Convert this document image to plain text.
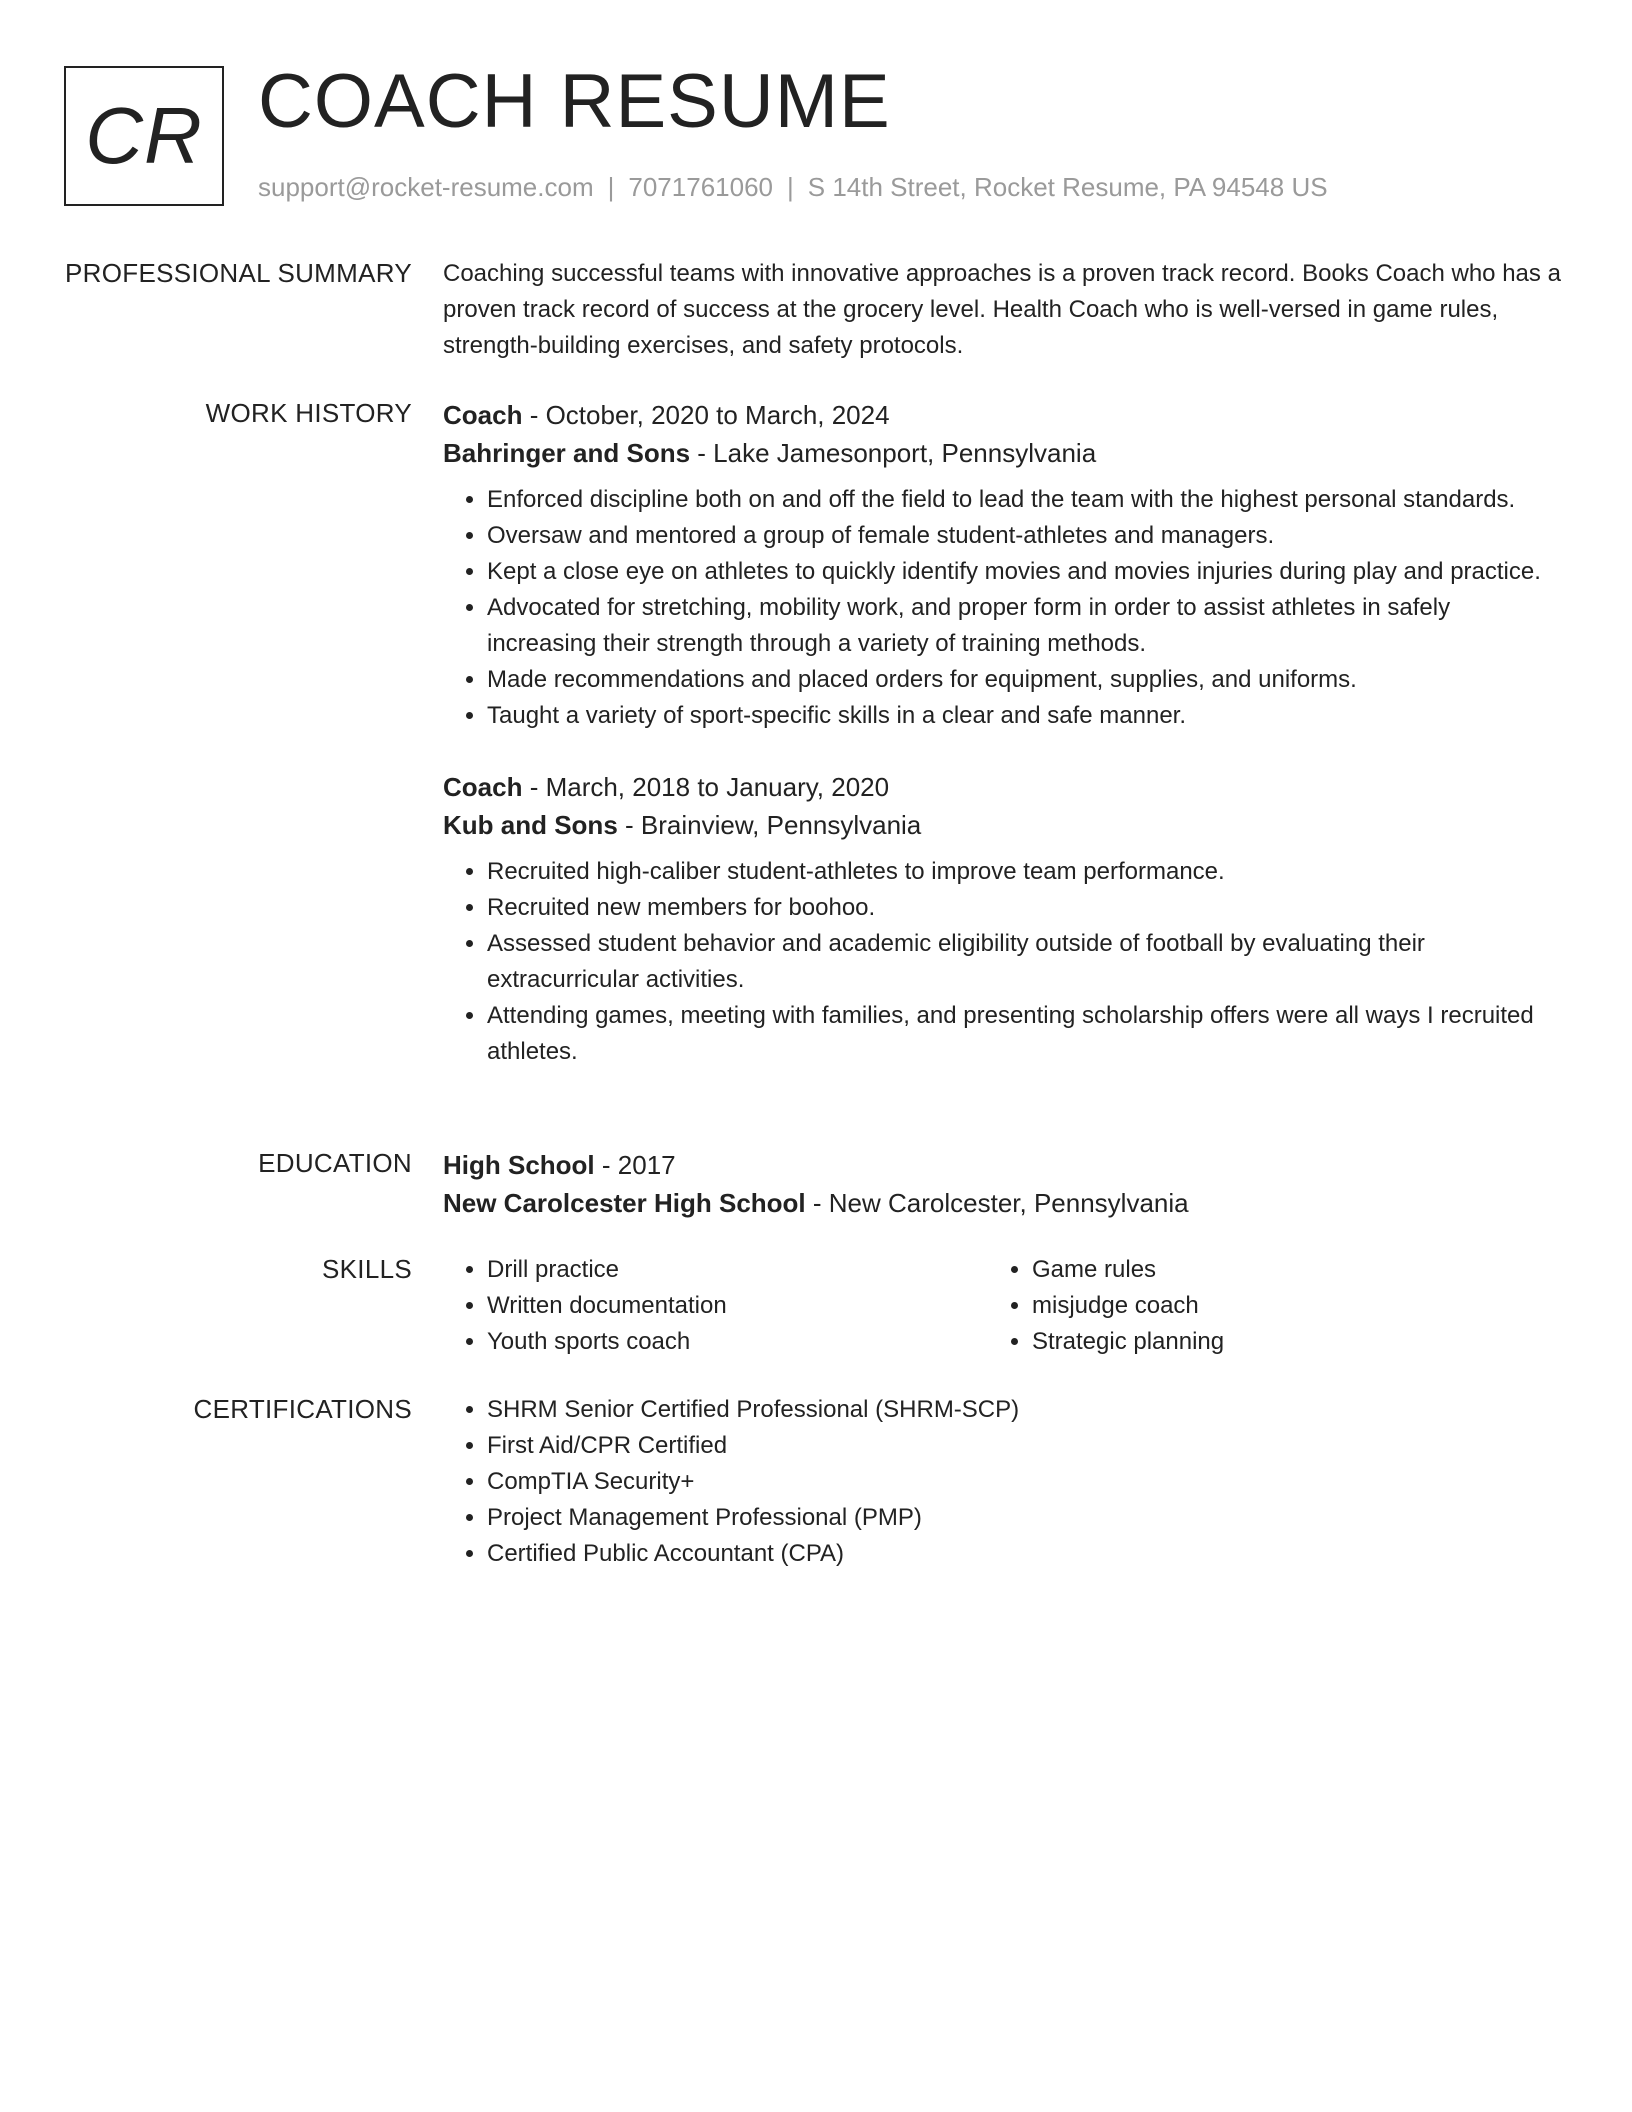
CR COACH RESUME
support@rocket-resume.com | 7071761060 | S 14th Street, Rocket Resume, PA 94548 US
PROFESSIONAL SUMMARY Coaching successful teams with innovative approaches is a proven track record. Books Coach who has a proven track record of success at the grocery level. Health Coach who is well-versed in game rules, strength-building exercises, and safety protocols.

WORK HISTORY Coach - October, 2020 to March, 2024
Bahringer and Sons - Lake Jamesonport, Pennsylvania
• Enforced discipline both on and off the field to lead the team with the highest personal standards.
• Oversaw and mentored a group of female student-athletes and managers.
• Kept a close eye on athletes to quickly identify movies and movies injuries during play and practice.
• Advocated for stretching, mobility work, and proper form in order to assist athletes in safely increasing their strength through a variety of training methods.
• Made recommendations and placed orders for equipment, supplies, and uniforms.
• Taught a variety of sport-specific skills in a clear and safe manner.
Coach - March, 2018 to January, 2020
Kub and Sons - Brainview, Pennsylvania
• Recruited high-caliber student-athletes to improve team performance.
• Recruited new members for boohoo.
• Assessed student behavior and academic eligibility outside of football by evaluating their extracurricular activities.
• Attending games, meeting with families, and presenting scholarship offers were all ways I recruited athletes.
EDUCATION High School - 2017
New Carolcester High School - New Carolcester, Pennsylvania
SKILLS	• Drill practice
• Written documentation
• Youth sports coach
• Game rules
• misjudge coach
• Strategic planning
CERTIFICATIONS	• SHRM Senior Certified Professional (SHRM-SCP)
• First Aid/CPR Certified
• CompTIA Security+
• Project Management Professional (PMP)
• Certified Public Accountant (CPA)
